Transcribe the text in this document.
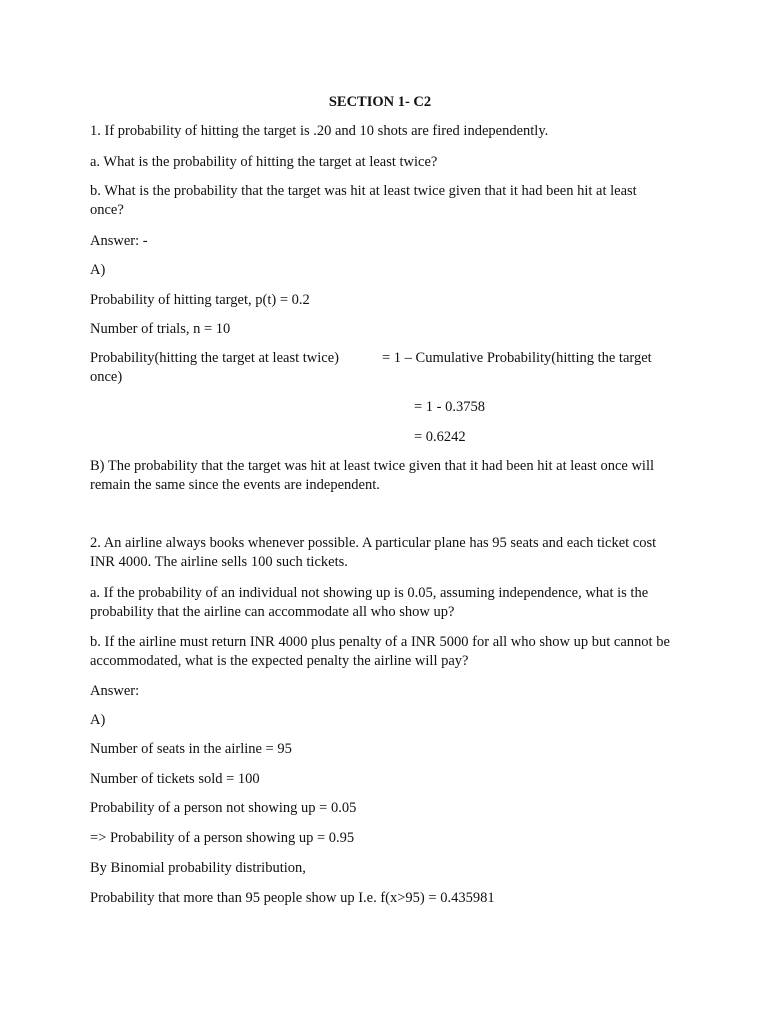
SECTION 1- C2
1. If probability of hitting the target is .20 and 10 shots are fired independently.
a. What is the probability of hitting the target at least twice?
b. What is the probability that the target was hit at least twice given that it had been hit at least once?
Answer: -
A)
Probability of hitting target, p(t) = 0.2
Number of trials, n = 10
Probability(hitting the target at least twice)	= 1 – Cumulative Probability(hitting the target
once)
= 1 - 0.3758
= 0.6242
B) The probability that the target was hit at least twice given that it had been hit at least once will remain the same since the events are independent.
2. An airline always books whenever possible. A particular plane has 95 seats and each ticket cost INR 4000. The airline sells 100 such tickets.
a. If the probability of an individual not showing up is 0.05, assuming independence, what is the probability that the airline can accommodate all who show up?
b. If the airline must return INR 4000 plus penalty of a INR 5000 for all who show up but cannot be accommodated, what is the expected penalty the airline will pay?
Answer:
A)
Number of seats in the airline = 95
Number of tickets sold = 100
Probability of a person not showing up = 0.05
=> Probability of a person showing up = 0.95
By Binomial probability distribution,
Probability that more than 95 people show up I.e. f(x>95) = 0.435981
